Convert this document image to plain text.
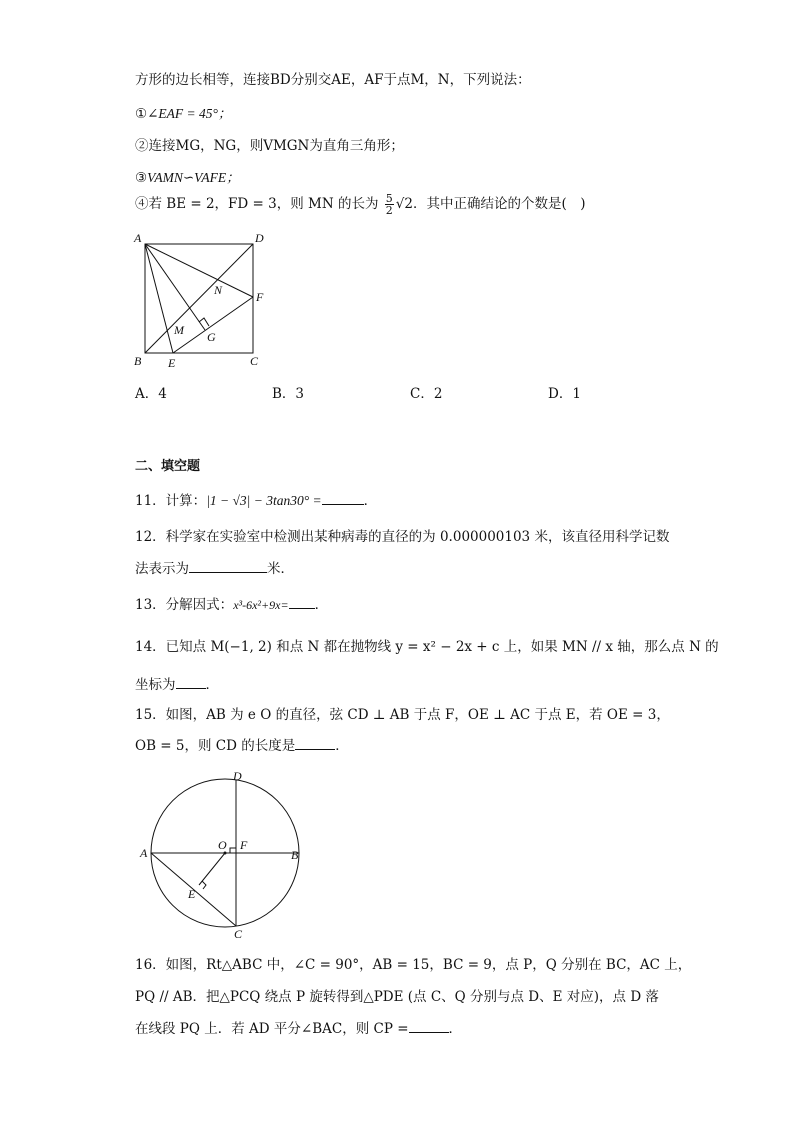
方形的边长相等，连接BD分别交AE，AF于点M，N，下列说法：
①∠EAF = 45°；
②连接MG，NG，则VMGN为直角三角形；
③VAMN∽VAFE；
④若 BE = 2，FD = 3，则 MN 的长为 $\frac{5}{2} √2$．其中正确结论的个数是(　)
A	D
B	C
E
F
G
M
N
A．4	B．3	C．2	D．1
二、填空题
11．计算：|1 − √3| − 3tan30° =	．
12．科学家在实验室中检测出某种病毒的直径的为 0.000000103 米，该直径用科学记数
法表示为	米．
13．分解因式：x³-6x²+9x= ．
14．已知点 M(−1, 2) 和点 N 都在抛物线 y = x² − 2x + c 上，如果 MN // x 轴，那么点 N 的
坐标为 ．
15．如图，AB 为 e O 的直径，弦 CD ⊥ AB 于点 F，OE ⊥ AC 于点 E，若 OE = 3，
OB = 5，则 CD 的长度是	．
D
A	B
C
E
F
O
16．如图，Rt△ABC 中，∠C = 90°，AB = 15，BC = 9，点 P，Q 分别在 BC，AC 上，
PQ // AB．把△PCQ 绕点 P 旋转得到△PDE (点 C、Q 分别与点 D、E 对应)，点 D 落
在线段 PQ 上．若 AD 平分∠BAC，则 CP =	．
